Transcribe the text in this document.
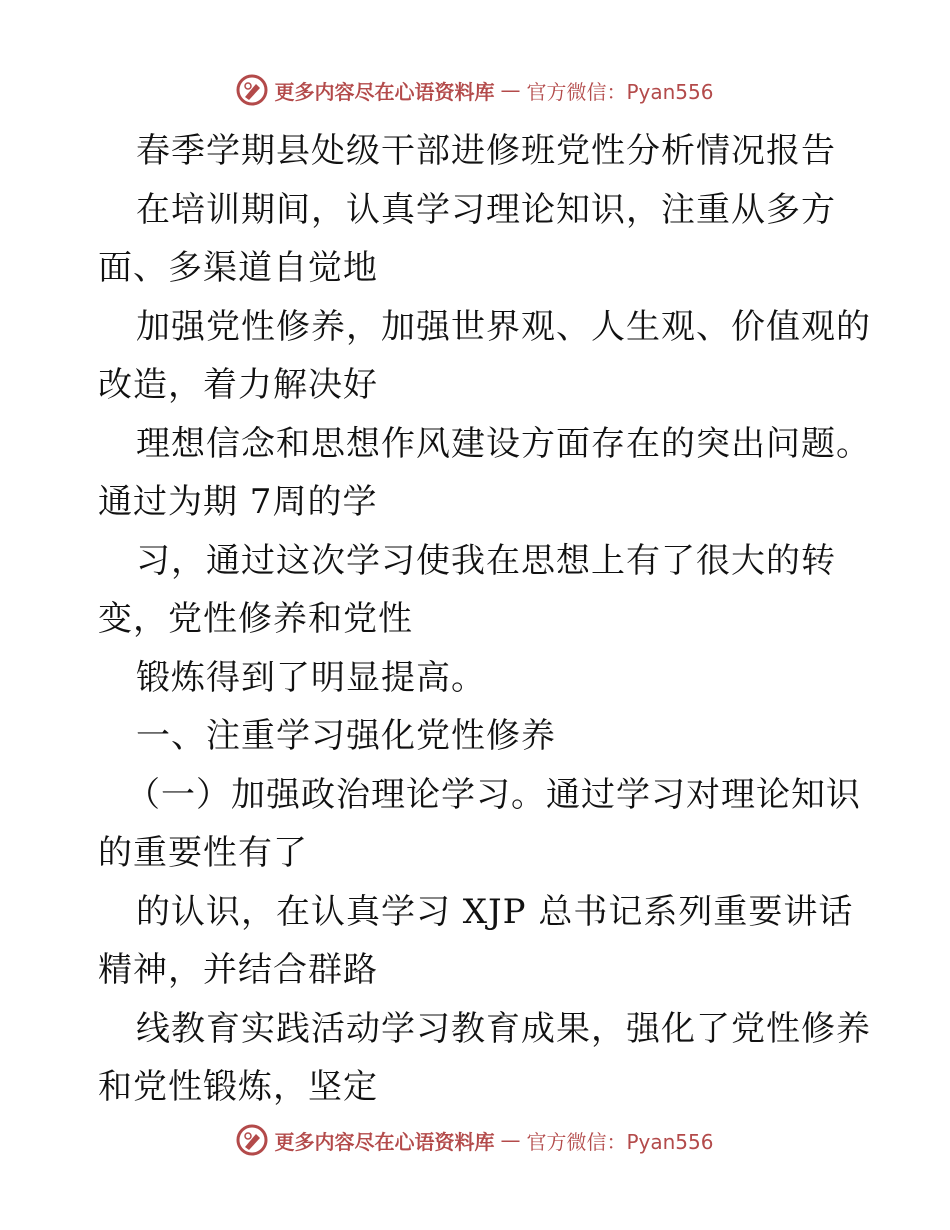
更多内容尽在心语资料库 — 官方微信：Pyan556
春季学期县处级干部进修班党性分析情况报告
在培训期间，认真学习理论知识，注重从多方
面、多渠道自觉地
加强党性修养，加强世界观、人生观、价值观的
改造，着力解决好
理想信念和思想作风建设方面存在的突出问题。
通过为期 7周的学
习，通过这次学习使我在思想上有了很大的转
变，党性修养和党性
锻炼得到了明显提高。
一、注重学习强化党性修养
（一）加强政治理论学习。通过学习对理论知识
的重要性有了
的认识，在认真学习 XJP 总书记系列重要讲话
精神，并结合群路
线教育实践活动学习教育成果，强化了党性修养
和党性锻炼，坚定
更多内容尽在心语资料库 — 官方微信：Pyan556
